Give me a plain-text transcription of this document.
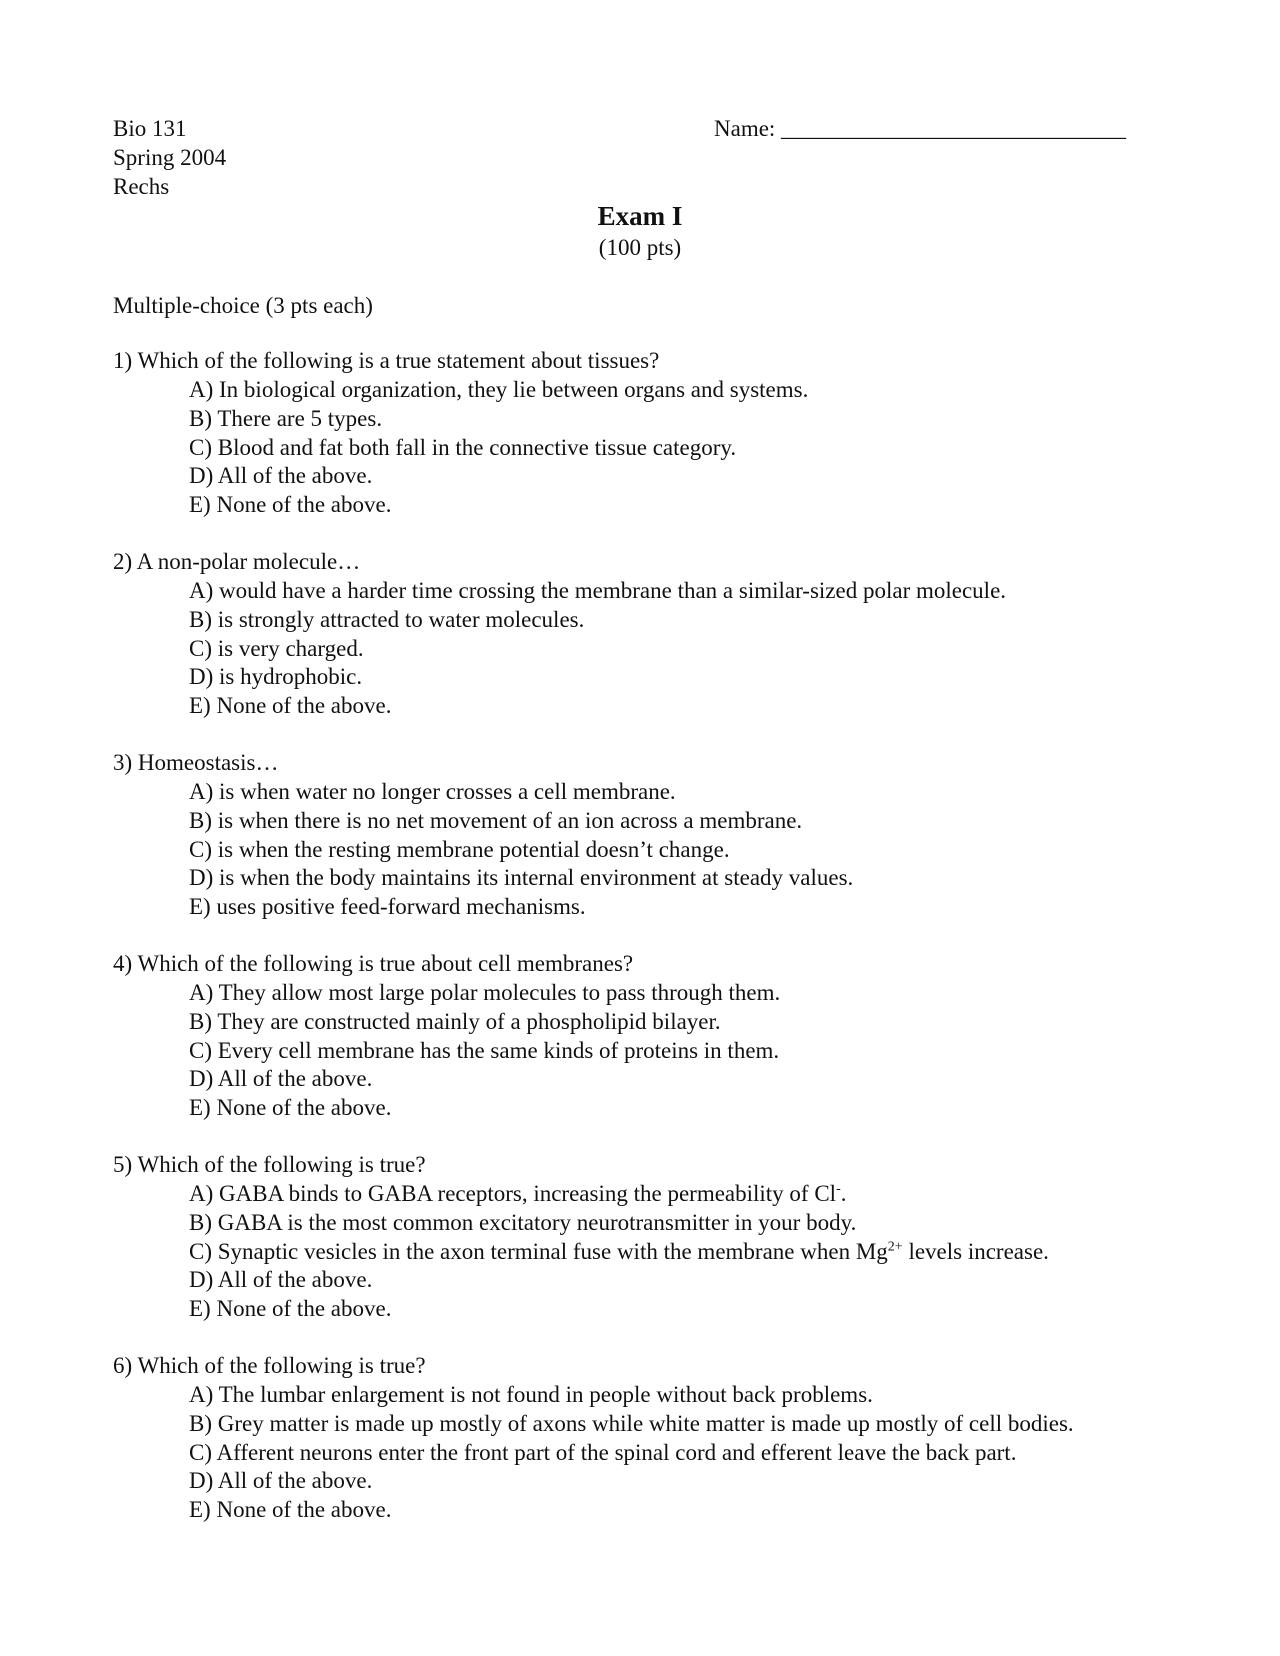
Bio 131
Spring 2004
Rechs
Name: ______________________________
Exam I
(100 pts)
Multiple-choice (3 pts each)
1) Which of the following is a true statement about tissues?
A) In biological organization, they lie between organs and systems.
B) There are 5 types.
C) Blood and fat both fall in the connective tissue category.
D) All of the above.
E) None of the above.
2) A non-polar molecule…
A) would have a harder time crossing the membrane than a similar-sized polar molecule.
B) is strongly attracted to water molecules.
C) is very charged.
D) is hydrophobic.
E) None of the above.
3) Homeostasis…
A) is when water no longer crosses a cell membrane.
B) is when there is no net movement of an ion across a membrane.
C) is when the resting membrane potential doesn’t change.
D) is when the body maintains its internal environment at steady values.
E) uses positive feed-forward mechanisms.
4) Which of the following is true about cell membranes?
A) They allow most large polar molecules to pass through them.
B) They are constructed mainly of a phospholipid bilayer.
C) Every cell membrane has the same kinds of proteins in them.
D) All of the above.
E) None of the above.
5) Which of the following is true?
A) GABA binds to GABA receptors, increasing the permeability of Cl-.
B) GABA is the most common excitatory neurotransmitter in your body.
C) Synaptic vesicles in the axon terminal fuse with the membrane when $Mg^{2+}$ levels increase.
D) All of the above.
E) None of the above.
6) Which of the following is true?
A) The lumbar enlargement is not found in people without back problems.
B) Grey matter is made up mostly of axons while white matter is made up mostly of cell bodies.
C) Afferent neurons enter the front part of the spinal cord and efferent leave the back part.
D) All of the above.
E) None of the above.
